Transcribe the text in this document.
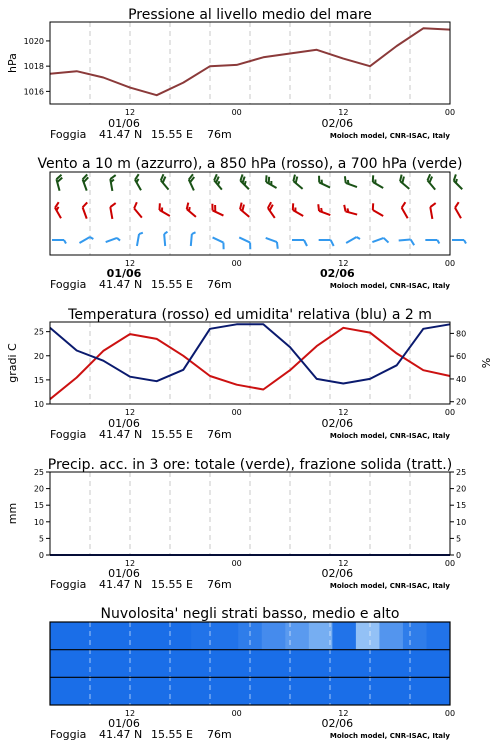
Pressione al livello medio del mare
12	00	12	00
01/06	02/06
Foggia 41.47 N 15.55 E 76m	Moloch model, CNR-ISAC, Italy
1016
1018
1020
hPa
Vento a 10 m (azzurro), a 850 hPa (rosso), a 700 hPa (verde)
12	00	12	00
01/06	02/06
Foggia 41.47 N 15.55 E 76m	Moloch model, CNR-ISAC, Italy
Temperatura (rosso) ed umidita' relativa (blu) a 2 m
12	00	12	00
01/06	02/06
Foggia 41.47 N 15.55 E 76m	Moloch model, CNR-ISAC, Italy
10
15
20
25
20
40
60
80
gradi C	%
Precip. acc. in 3 ore: totale (verde), frazione solida (tratt.)
12	00	12	00
01/06	02/06
Foggia 41.47 N 15.55 E 76m	Moloch model, CNR-ISAC, Italy
0
5
10
15
20
25
0
5
10
15
20
25
mm
Nuvolosita' negli strati basso, medio e alto
12	00	12	00
01/06	02/06
Foggia 41.47 N 15.55 E 76m	Moloch model, CNR-ISAC, Italy
